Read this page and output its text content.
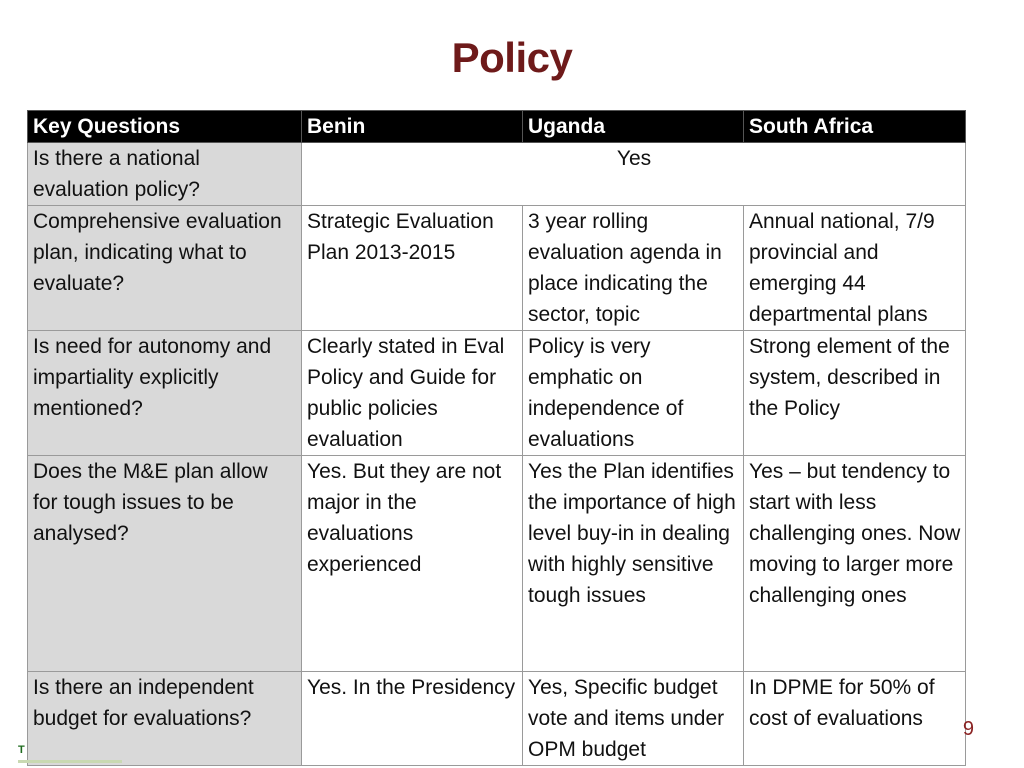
Policy
Key Questions	Benin	Uganda	South Africa
Is there a national evaluation policy?	Yes		
Comprehensive evaluation plan, indicating what to evaluate?	Strategic Evaluation Plan 2013-2015	3 year rolling evaluation agenda in place indicating the sector, topic	Annual national, 7/9 provincial and emerging 44 departmental plans
Is need for autonomy and impartiality explicitly mentioned?	Clearly stated in Eval Policy and Guide for public policies evaluation	Policy is very emphatic on independence of evaluations	Strong element of the system, described in the Policy
Does the M&E plan allow for tough issues to be analysed?	Yes. But they are not major in the evaluations experienced	Yes the Plan identifies the importance of high level buy-in in dealing with highly sensitive tough issues	Yes – but tendency to start with less challenging ones. Now moving to larger more challenging ones
Is there an independent budget for evaluations?	Yes. In the Presidency	Yes, Specific budget vote and items under OPM budget	In DPME for 50% of cost of evaluations 9
T
